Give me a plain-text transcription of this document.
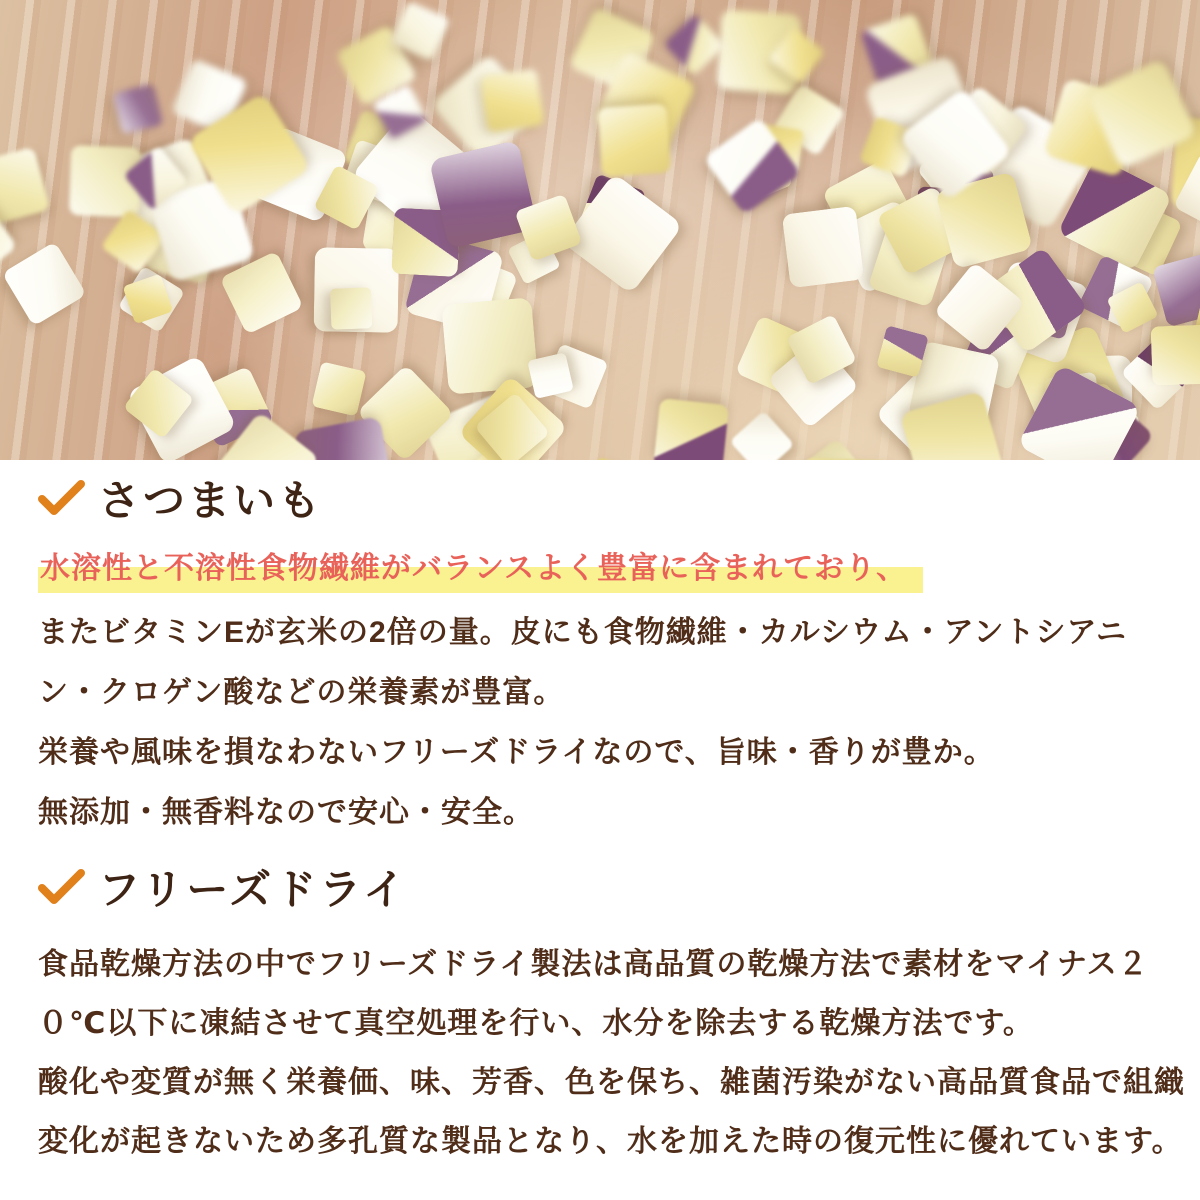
さつまいも
水溶性と不溶性食物繊維がバランスよく豊富に含まれており、
またビタミンEが玄米の2倍の量。皮にも食物繊維・カルシウム・アントシアニ
ン・クロゲン酸などの栄養素が豊富。
栄養や風味を損なわないフリーズドライなので、旨味・香りが豊か。
無添加・無香料なので安心・安全。
フリーズドライ
食品乾燥方法の中でフリーズドライ製法は高品質の乾燥方法で素材をマイナス２
０℃以下に凍結させて真空処理を行い、水分を除去する乾燥方法です。
酸化や変質が無く栄養価、味、芳香、色を保ち、雑菌汚染がない高品質食品で組織
変化が起きないため多孔質な製品となり、水を加えた時の復元性に優れています。
